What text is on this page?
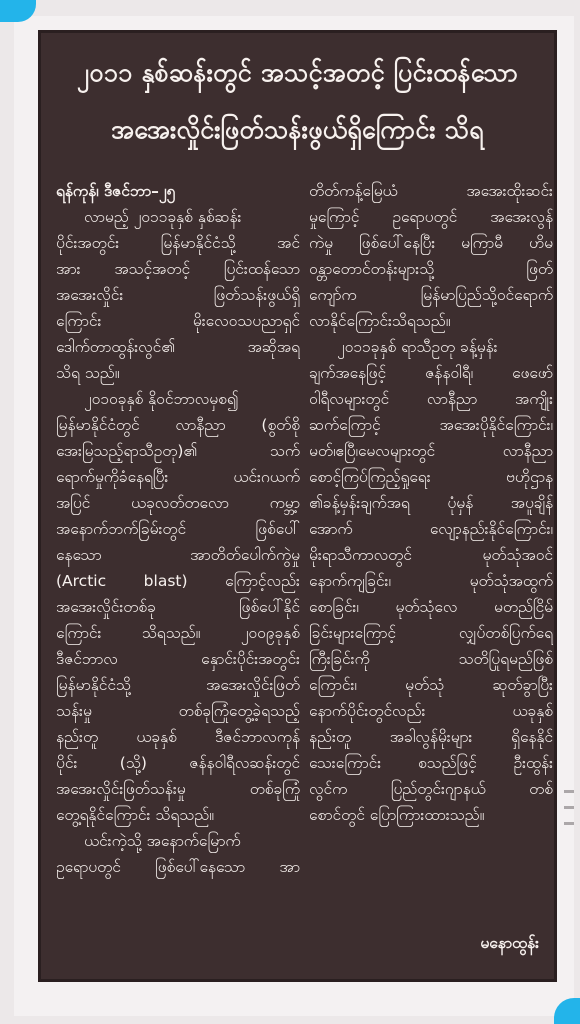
၂၀၁၁ နှစ်ဆန်းတွင် အသင့်အတင့် ပြင်းထန်သော
အအေးလှိုင်းဖြတ်သန်းဖွယ်ရှိကြောင်း သိရ
ရန်ကုန်၊ ဒီဇင်ဘာ–၂၅
လာမည့် ၂၀၁၁ခုနှစ် နှစ်ဆန်း
ပိုင်းအတွင်း မြန်မာနိုင်ငံသို့ အင်
အား အသင့်အတင့် ပြင်းထန်သော
အအေးလှိုင်း ဖြတ်သန်းဖွယ်ရှိ
ကြောင်း မိုးလေဝသပညာရှင်
ဒေါက်တာထွန်းလွင်၏ အဆိုအရ
သိရ သည်။
၂၀၁၀ခုနှစ် နိုဝင်ဘာလမှစ၍
မြန်မာနိုင်ငံတွင် လာနီညာ (စွတ်စို
အေးမြသည့်ရာသီဥတု)၏ သက်
ရောက်မှုကိုခံနေရပြီး ယင်းဂယက်
အပြင် ယခုလတ်တလော ကမ္ဘာ့
အနောက်ဘက်ခြမ်းတွင် ဖြစ်ပေါ်
နေသော အာတိတ်ပေါက်ကွဲမှု
(Arctic blast) ကြောင့်လည်း
အအေးလှိုင်းတစ်ခု ဖြစ်ပေါ်နိုင်
ကြောင်း သိရသည်။ ၂၀၀၉ခုနှစ်
ဒီဇင်ဘာလ နှောင်းပိုင်းအတွင်း
မြန်မာနိုင်ငံသို့ အအေးလှိုင်းဖြတ်
သန်းမှု တစ်ခုကြုံတွေ့ခဲ့ရသည့်
နည်းတူ ယခုနှစ် ဒီဇင်ဘာလကုန်
ပိုင်း (သို့) ဇန်နဝါရီလဆန်းတွင်
အအေးလှိုင်းဖြတ်သန်းမှု တစ်ခုကြုံ
တွေ့ရနိုင်ကြောင်း သိရသည်။
ယင်းကဲ့သို့ အနောက်မြောက်
ဥရောပတွင် ဖြစ်ပေါ်နေသော အာ
တိတ်ကန့်မြေယံ အအေးထိုးဆင်း
မှုကြောင့် ဥရောပတွင် အအေးလွန်
ကဲမှု ဖြစ်ပေါ်နေပြီး မကြာမီ ဟိမ
ဝန္တာတောင်တန်းများသို့ ဖြတ်
ကျော်က မြန်မာပြည်သို့ဝင်ရောက်
လာနိုင်ကြောင်းသိရသည်။
၂၀၁၁ခုနှစ် ရာသီဥတု ခန့်မှန်း
ချက်အနေဖြင့် ဇန်နဝါရီ၊ ဖေဖော်
ဝါရီလများတွင် လာနီညာ အကျိုး
ဆက်ကြောင့် အအေးပိုနိုင်ကြောင်း၊
မတ်၊ဧပြီ၊မေလများတွင် လာနီညာ
စောင့်ကြပ်ကြည့်ရှုရေး ဗဟိုဌာန
၏ခန့်မှန်းချက်အရ ပုံမှန် အပူချိန်
အောက် လျော့နည်းနိုင်ကြောင်း၊
မိုးရာသီကာလတွင် မုတ်သုံအဝင်
နောက်ကျခြင်း၊ မုတ်သုံအထွက်
စောခြင်း၊ မုတ်သုံလေ မတည်ငြိမ်
ခြင်းများကြောင့် လျှပ်တစ်ပြက်ရေ
ကြီးခြင်းကို သတိပြုရမည်ဖြစ်
ကြောင်း၊ မုတ်သုံ ဆုတ်ခွာပြီး
နောက်ပိုင်းတွင်လည်း ယခုနှစ်
နည်းတူ အခါလွန်မိုးများ ရှိနေနိုင်
သေးကြောင်း စသည်ဖြင့် ဦးထွန်း
လွင်က ပြည်တွင်းဂျာနယ် တစ်
စောင်တွင် ပြောကြားထားသည်။
မနောထွန်း
